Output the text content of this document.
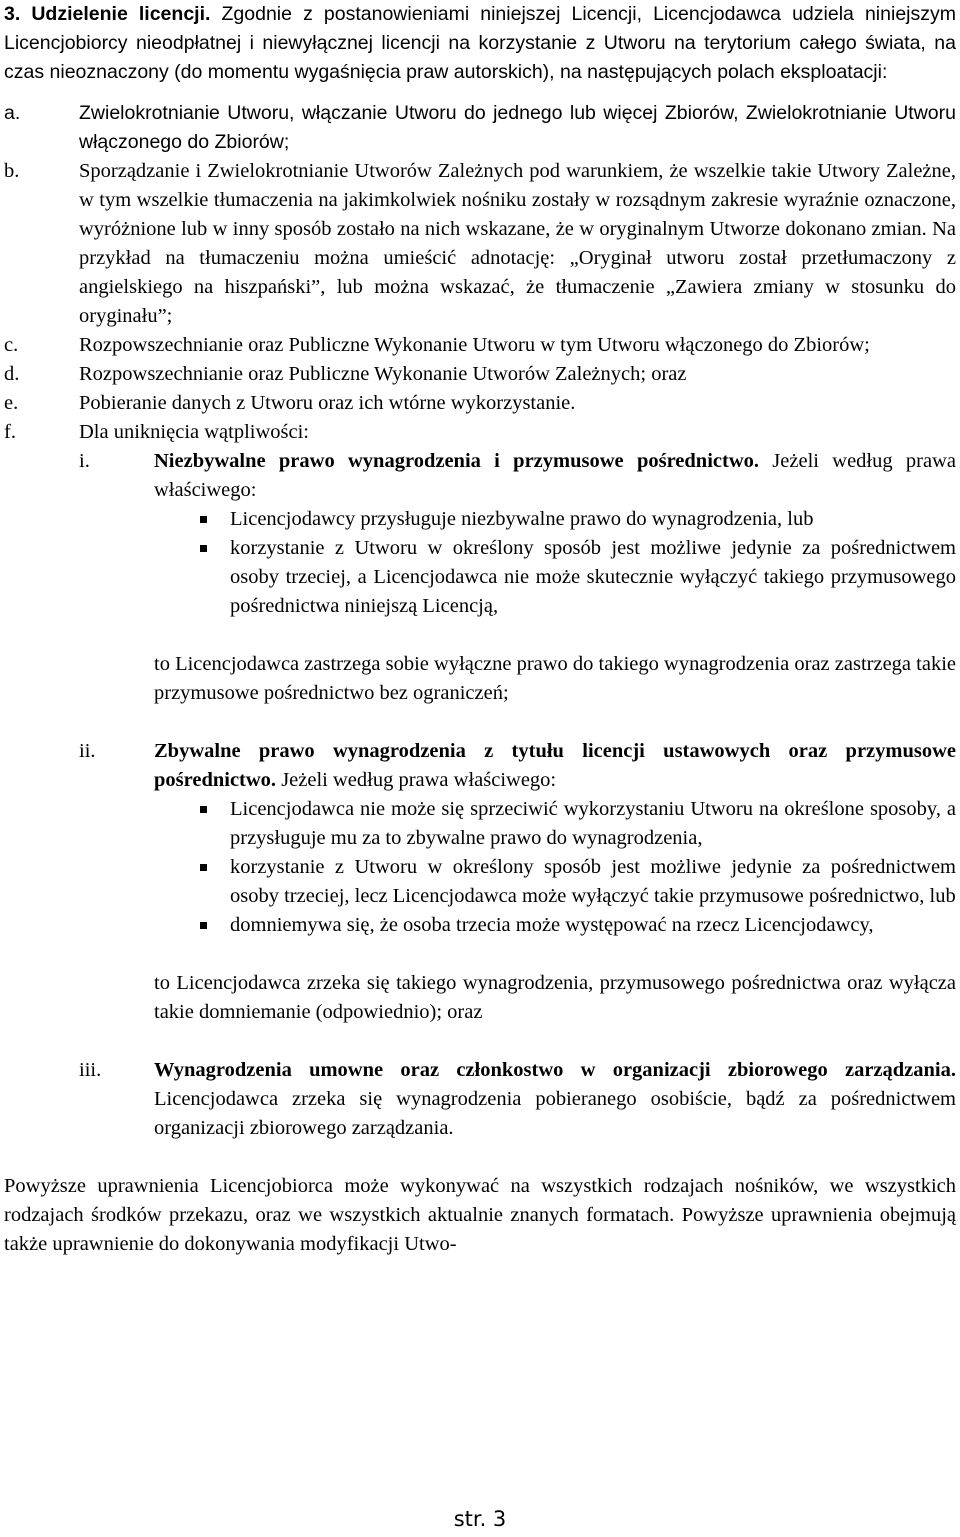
3. Udzielenie licencji. Zgodnie z postanowieniami niniejszej Licencji, Licencjodawca udziela niniejszym Licencjobiorcy nieodpłatnej i niewyłącznej licencji na korzystanie z Utworu na terytorium całego świata, na czas nieoznaczony (do momentu wygaśnięcia praw autorskich), na następujących polach eksploatacji:

a.	Zwielokrotnianie Utworu, włączanie Utworu do jednego lub więcej Zbiorów, Zwielokrotnianie Utworu włączonego do Zbiorów;
b.	Sporządzanie i Zwielokrotnianie Utworów Zależnych pod warunkiem, że wszelkie takie Utwory Zależne, w tym wszelkie tłumaczenia na jakimkolwiek nośniku zostały w rozsądnym zakresie wyraźnie oznaczone, wyróżnione lub w inny sposób zostało na nich wskazane, że w oryginalnym Utworze dokonano zmian. Na przykład na tłumaczeniu można umieścić adnotację: „Oryginał utworu został przetłumaczony z angielskiego na hiszpański”, lub można wskazać, że tłumaczenie „Zawiera zmiany w stosunku do oryginału”;
c.	Rozpowszechnianie oraz Publiczne Wykonanie Utworu w tym Utworu włączonego do Zbiorów;
d.	Rozpowszechnianie oraz Publiczne Wykonanie Utworów Zależnych; oraz
e.	Pobieranie danych z Utworu oraz ich wtórne wykorzystanie.
f.	Dla uniknięcia wątpliwości:
i.	Niezbywalne prawo wynagrodzenia i przymusowe pośrednictwo. Jeżeli według prawa właściwego:
Licencjodawcy przysługuje niezbywalne prawo do wynagrodzenia, lub
korzystanie z Utworu w określony sposób jest możliwe jedynie za pośrednictwem osoby trzeciej, a Licencjodawca nie może skutecznie wyłączyć takiego przymusowego pośrednictwa niniejszą Licencją,

to Licencjodawca zastrzega sobie wyłączne prawo do takiego wynagrodzenia oraz zastrzega takie przymusowe pośrednictwo bez ograniczeń;

ii.	Zbywalne prawo wynagrodzenia z tytułu licencji ustawowych oraz przymusowe pośrednictwo. Jeżeli według prawa właściwego:
Licencjodawca nie może się sprzeciwić wykorzystaniu Utworu na określone sposoby, a przysługuje mu za to zbywalne prawo do wynagrodzenia,
korzystanie z Utworu w określony sposób jest możliwe jedynie za pośrednictwem osoby trzeciej, lecz Licencjodawca może wyłączyć takie przymusowe pośrednictwo, lub
domniemywa się, że osoba trzecia może występować na rzecz Licencjodawcy,

to Licencjodawca zrzeka się takiego wynagrodzenia, przymusowego pośrednictwa oraz wyłącza takie domniemanie (odpowiednio); oraz

iii.	Wynagrodzenia umowne oraz członkostwo w organizacji zbiorowego zarządzania. Licencjodawca zrzeka się wynagrodzenia pobieranego osobiście, bądź za pośrednictwem organizacji zbiorowego zarządzania.

Powyższe uprawnienia Licencjobiorca może wykonywać na wszystkich rodzajach nośników, we wszystkich rodzajach środków przekazu, oraz we wszystkich aktualnie znanych formatach. Powyższe uprawnienia obejmują także uprawnienie do dokonywania modyfikacji Utwo-

str. 3
